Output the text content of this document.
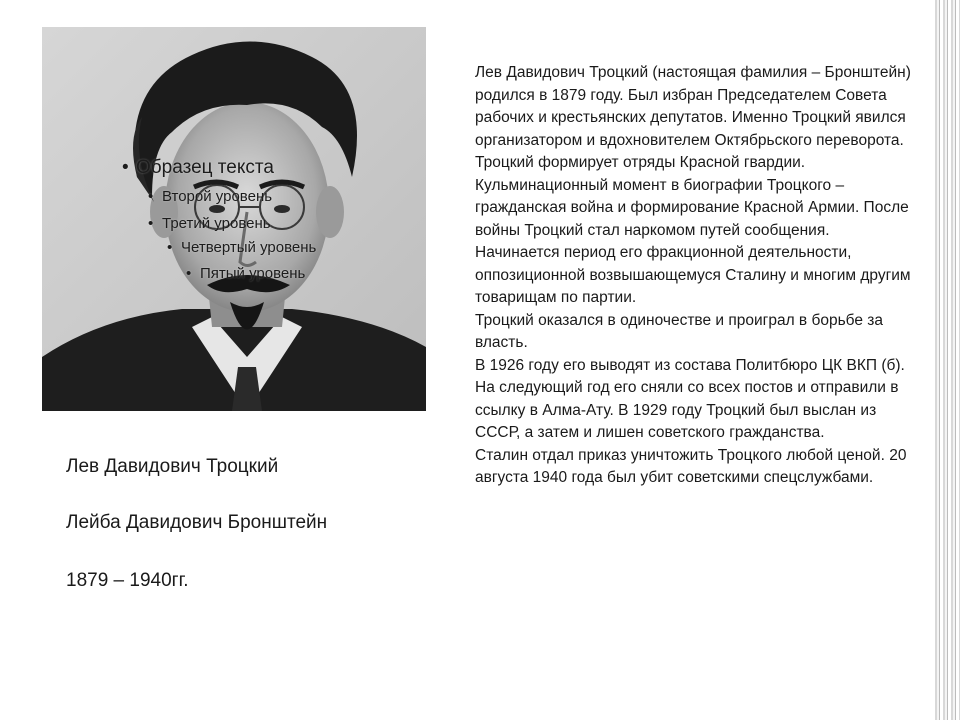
• Образец текста
• Второй уровень
• Третий уровень
• Четвертый уровень
• Пятый уровень
Лев Давидович Троцкий
Лейба Давидович Бронштейн
1879 – 1940гг.

Лев Давидович Троцкий (настоящая фамилия – Бронштейн) родился в 1879 году. Был избран Председателем Совета рабочих и крестьянских депутатов. Именно Троцкий явился организатором и вдохновителем Октябрьского переворота. Троцкий формирует отряды Красной гвардии.

Кульминационный момент в биографии Троцкого – гражданская война и формирование Красной Армии. После войны Троцкий стал наркомом путей сообщения. Начинается период его фракционной деятельности, оппозиционной возвышающемуся Сталину и многим другим товарищам по партии.

Троцкий оказался в одиночестве и проиграл в борьбе за власть.

В 1926 году его выводят из состава Политбюро ЦК ВКП (б). На следующий год его сняли со всех постов и отправили в ссылку в Алма-Ату. В 1929 году Троцкий был выслан из СССР, а затем и лишен советского гражданства.

Сталин отдал приказ уничтожить Троцкого любой ценой. 20 августа 1940 года был убит советскими спецслужбами.
